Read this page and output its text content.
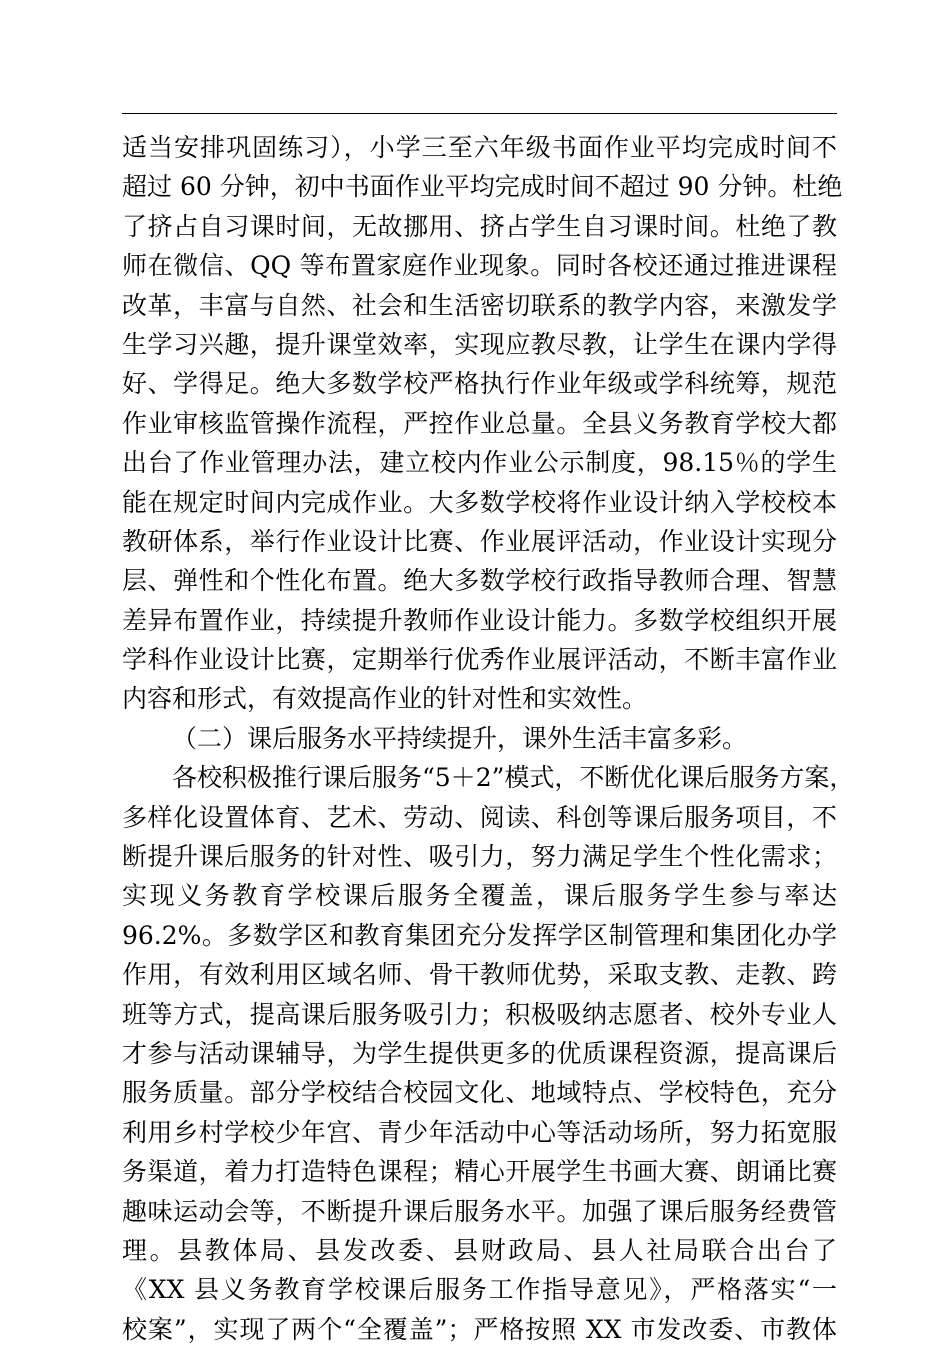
适当安排巩固练习），小学三至六年级书面作业平均完成时间不
超过 60 分钟，初中书面作业平均完成时间不超过 90 分钟。杜绝
了挤占自习课时间，无故挪用、挤占学生自习课时间。杜绝了教
师在微信、QQ 等布置家庭作业现象。同时各校还通过推进课程
改革，丰富与自然、社会和生活密切联系的教学内容，来激发学
生学习兴趣，提升课堂效率，实现应教尽教，让学生在课内学得
好、学得足。绝大多数学校严格执行作业年级或学科统筹，规范
作业审核监管操作流程，严控作业总量。全县义务教育学校大都
出台了作业管理办法，建立校内作业公示制度，98.15％的学生
能在规定时间内完成作业。大多数学校将作业设计纳入学校校本
教研体系，举行作业设计比赛、作业展评活动，作业设计实现分
层、弹性和个性化布置。绝大多数学校行政指导教师合理、智慧
差异布置作业，持续提升教师作业设计能力。多数学校组织开展
学科作业设计比赛，定期举行优秀作业展评活动，不断丰富作业
内容和形式，有效提高作业的针对性和实效性。
（二）课后服务水平持续提升，课外生活丰富多彩。
各校积极推行课后服务“5＋2”模式，不断优化课后服务方案，
多样化设置体育、艺术、劳动、阅读、科创等课后服务项目，不
断提升课后服务的针对性、吸引力，努力满足学生个性化需求；
实现义务教育学校课后服务全覆盖，课后服务学生参与率达
96.2%。多数学区和教育集团充分发挥学区制管理和集团化办学
作用，有效利用区域名师、骨干教师优势，采取支教、走教、跨
班等方式，提高课后服务吸引力；积极吸纳志愿者、校外专业人
才参与活动课辅导，为学生提供更多的优质课程资源，提高课后
服务质量。部分学校结合校园文化、地域特点、学校特色，充分
利用乡村学校少年宫、青少年活动中心等活动场所，努力拓宽服
务渠道，着力打造特色课程；精心开展学生书画大赛、朗诵比赛
趣味运动会等，不断提升课后服务水平。加强了课后服务经费管
理。县教体局、县发改委、县财政局、县人社局联合出台了
《XX 县义务教育学校课后服务工作指导意见》，严格落实“一
校案”，实现了两个“全覆盖”；严格按照 XX 市发改委、市教体
